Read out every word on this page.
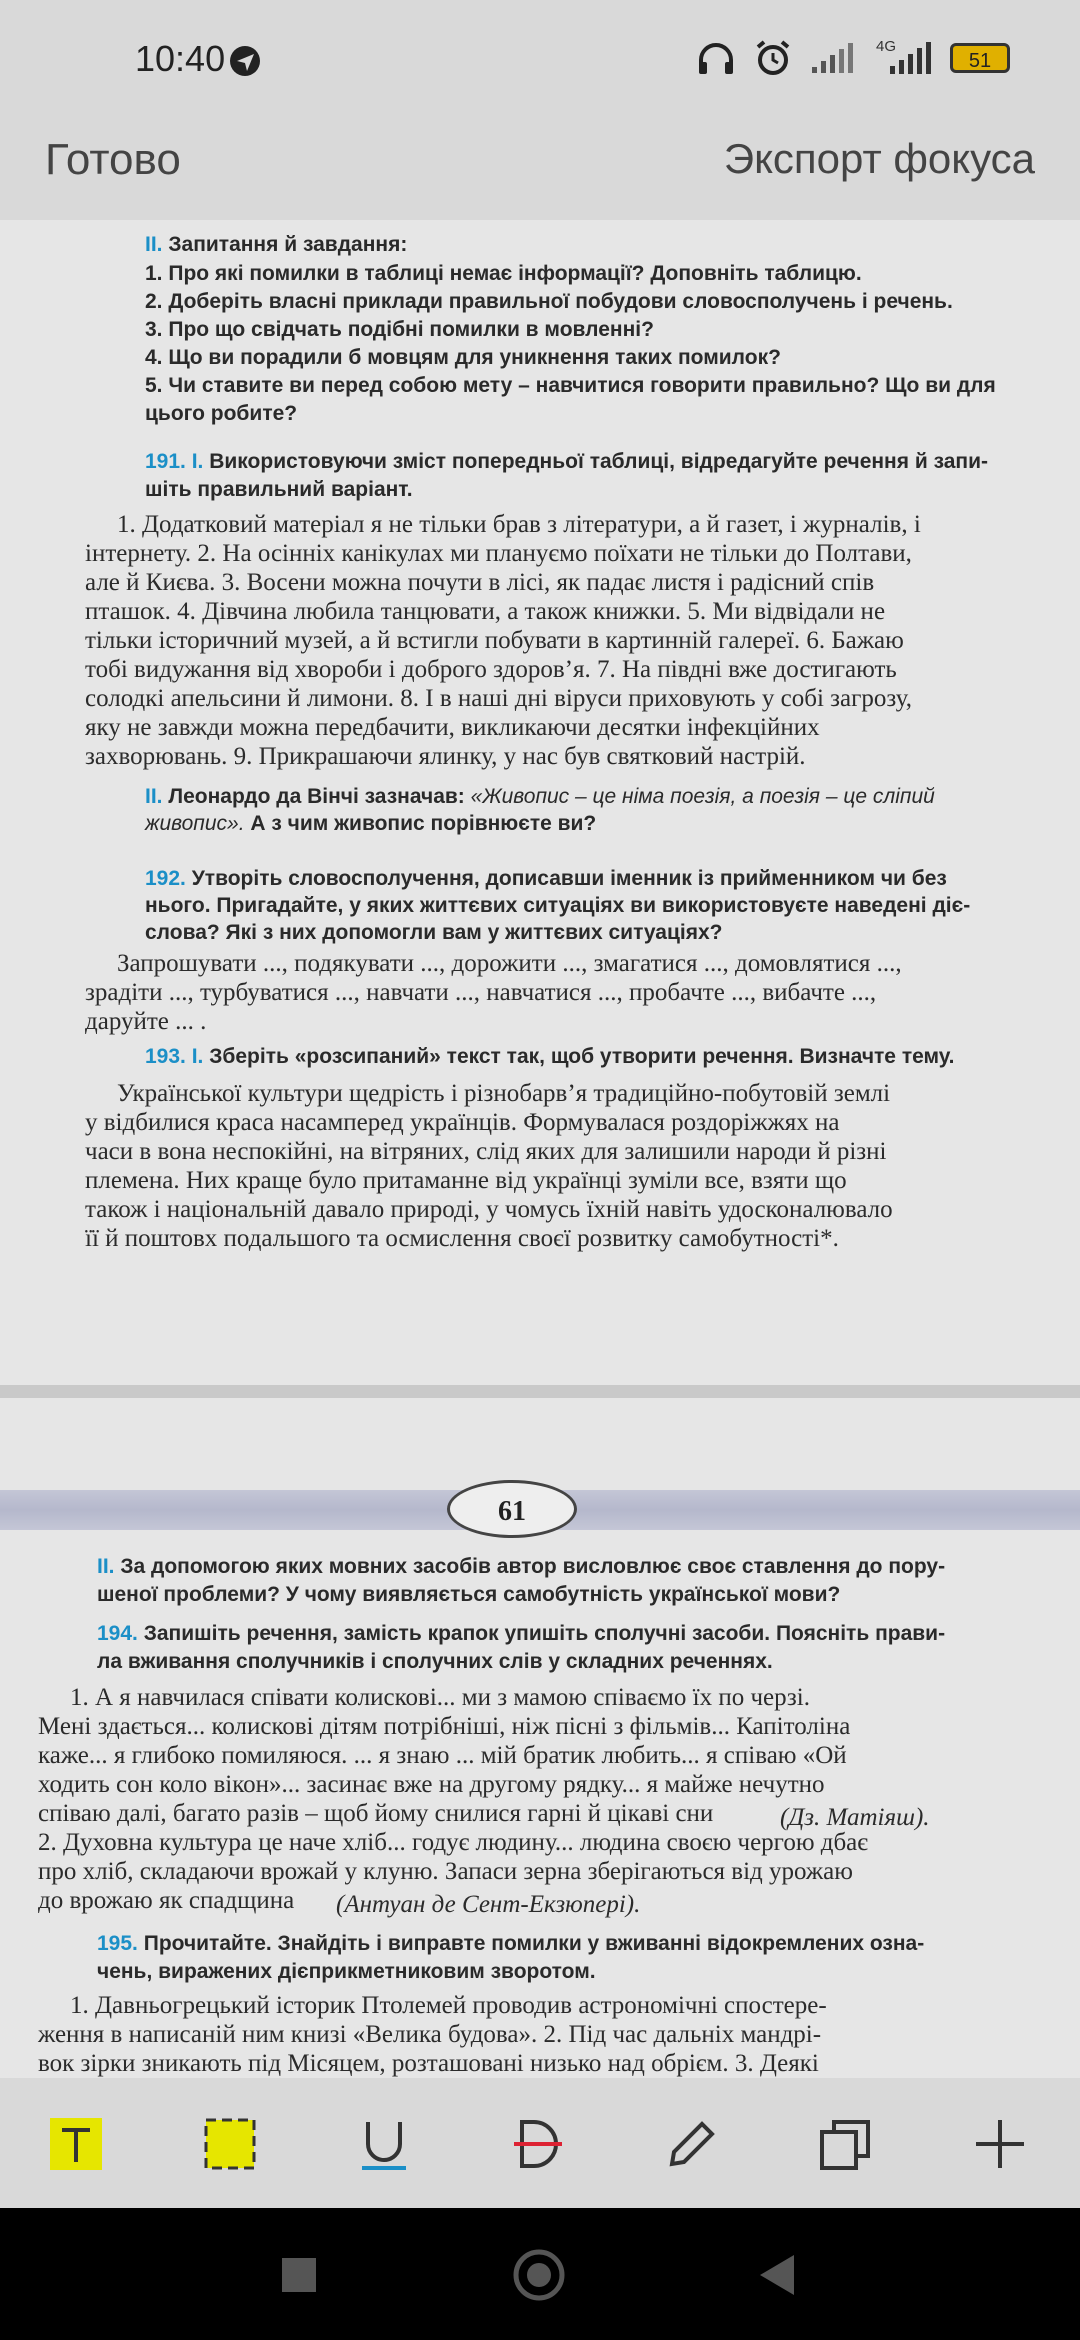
10:40	4G
51
Готово	Экспорт фокуса
II. Запитання й завдання:
1. Про які помилки в таблиці немає інформації? Доповніть таблицю.
2. Доберіть власні приклади правильної побудови словосполучень і речень.
3. Про що свідчать подібні помилки в мовленні?
4. Що ви порадили б мовцям для уникнення таких помилок?
5. Чи ставите ви перед собою мету – навчитися говорити правильно? Що ви для
цього робите?
191. I. Використовуючи зміст попередньої таблиці, відредагуйте речення й запи-
шіть правильний варіант.
1. Додатковий матеріал я не тільки брав з літератури, а й газет, і журналів, і
інтернету. 2. На осінніх канікулах ми плануємо поїхати не тільки до Полтави,
але й Києва. 3. Восени можна почути в лісі, як падає листя і радісний спів
пташок. 4. Дівчина любила танцювати, а також книжки. 5. Ми відвідали не
тільки історичний музей, а й встигли побувати в картинній галереї. 6. Бажаю
тобі видужання від хвороби і доброго здоров’я. 7. На півдні вже достигають
солодкі апельсини й лимони. 8. І в наші дні віруси приховують у собі загрозу,
яку не завжди можна передбачити, викликаючи десятки інфекційних
захворювань. 9. Прикрашаючи ялинку, у нас був святковий настрій.
II. Леонардо да Вінчі зазначав: «Живопис – це німа поезія, а поезія – це сліпий
живопис». А з чим живопис порівнюєте ви?
192. Утворіть словосполучення, дописавши іменник із прийменником чи без
нього. Пригадайте, у яких життєвих ситуаціях ви використовуєте наведені діє-
слова? Які з них допомогли вам у життєвих ситуаціях?
Запрошувати ..., подякувати ..., дорожити ..., змагатися ..., домовлятися ...,
зрадіти ..., турбуватися ..., навчати ..., навчатися ..., пробачте ..., вибачте ...,
даруйте ... .
193. I. Зберіть «розсипаний» текст так, щоб утворити речення. Визначте тему.
Української культури щедрість і різнобарв’я традиційно-побутовій землі
у відбилися краса насамперед українців. Формувалася роздоріжжях на
часи в вона неспокійні, на вітряних, слід яких для залишили народи й різні
племена. Них краще було притаманне від українці зуміли все, взяти що
також і національній давало природі, у чомусь їхній навіть удосконалювало
її й поштовх подальшого та осмислення своєї розвитку самобутності*.
61
II. За допомогою яких мовних засобів автор висловлює своє ставлення до пору-
шеної проблеми? У чому виявляється самобутність української мови?
194. Запишіть речення, замість крапок упишіть сполучні засоби. Поясніть прави-
ла вживання сполучників і сполучних слів у складних реченнях.
1. А я навчилася співати колискові... ми з мамою співаємо їх по черзі.
Мені здається... колискові дітям потрібніші, ніж пісні з фільмів... Капітоліна
каже... я глибоко помиляюся. ... я знаю ... мій братик любить... я співаю «Ой
ходить сон коло вікон»... засинає вже на другому рядку... я майже нечутно
співаю далі, багато разів – щоб йому снилися гарні й цікаві сни
2. Духовна культура це наче хліб... годує людину... людина своєю чергою дбає
про хліб, складаючи врожай у клуню. Запаси зерна зберігаються від урожаю
до врожаю як спадщина
(Дз. Матіяш).
(Антуан де Сент-Екзюпері).
195. Прочитайте. Знайдіть і виправте помилки у вживанні відокремлених озна-
чень, виражених дієприкметниковим зворотом.
1. Давньогрецький історик Птолемей проводив астрономічні спостере-
ження в написаній ним книзі «Велика будова». 2. Під час дальніх мандрі-
вок зірки зникають під Місяцем, розташовані низько над обрієм. 3. Деякі
